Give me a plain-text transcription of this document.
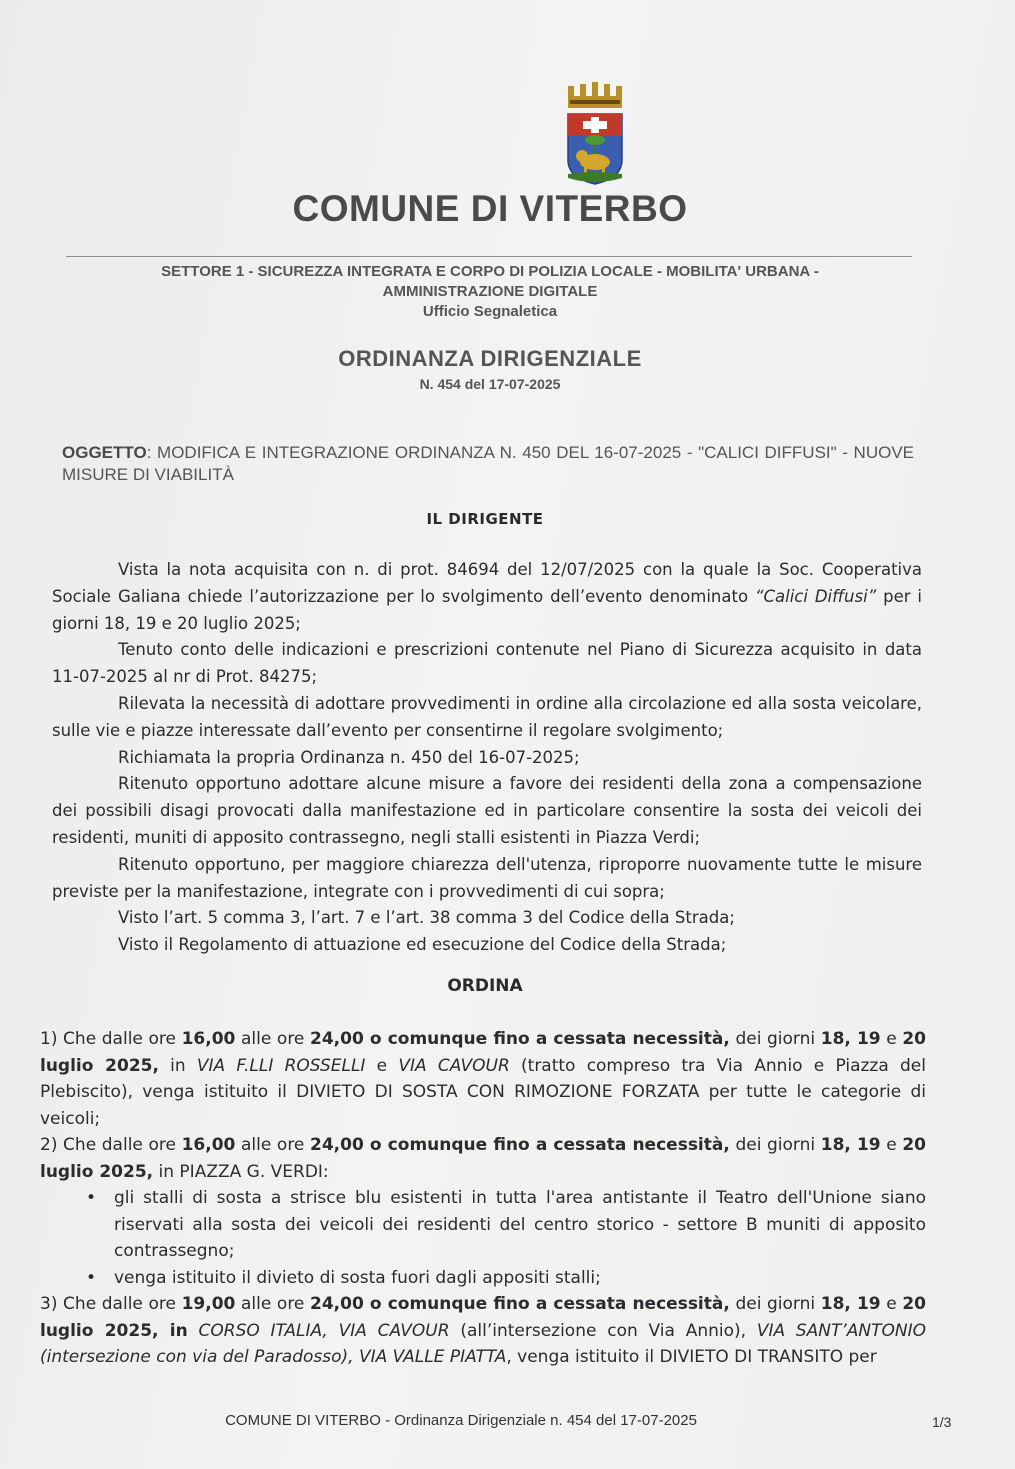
COMUNE DI VITERBO
SETTORE 1 - SICUREZZA INTEGRATA E CORPO DI POLIZIA LOCALE - MOBILITA' URBANA -
AMMINISTRAZIONE DIGITALE
Ufficio Segnaletica
ORDINANZA DIRIGENZIALE
N. 454 del 17-07-2025
OGGETTO: MODIFICA E INTEGRAZIONE ORDINANZA N. 450 DEL 16-07-2025 - "CALICI DIFFUSI" - NUOVE MISURE DI VIABILITÀ
IL DIRIGENTE

Vista la nota acquisita con n. di prot. 84694 del 12/07/2025 con la quale la Soc. Cooperativa Sociale Galiana chiede l’autorizzazione per lo svolgimento dell’evento denominato “Calici Diffusi” per i giorni 18, 19 e 20 luglio 2025;

Tenuto conto delle indicazioni e prescrizioni contenute nel Piano di Sicurezza acquisito in data 11-07-2025 al nr di Prot. 84275;

Rilevata la necessità di adottare provvedimenti in ordine alla circolazione ed alla sosta veicolare, sulle vie e piazze interessate dall’evento per consentirne il regolare svolgimento;

Richiamata la propria Ordinanza n. 450 del 16-07-2025;

Ritenuto opportuno adottare alcune misure a favore dei residenti della zona a compensazione dei possibili disagi provocati dalla manifestazione ed in particolare consentire la sosta dei veicoli dei residenti, muniti di apposito contrassegno, negli stalli esistenti in Piazza Verdi;

Ritenuto opportuno, per maggiore chiarezza dell'utenza, riproporre nuovamente tutte le misure previste per la manifestazione, integrate con i provvedimenti di cui sopra;

Visto l’art. 5 comma 3, l’art. 7 e l’art. 38 comma 3 del Codice della Strada;

Visto il Regolamento di attuazione ed esecuzione del Codice della Strada;

ORDINA

1) Che dalle ore 16,00 alle ore 24,00 o comunque fino a cessata necessità, dei giorni 18, 19 e 20 luglio 2025, in VIA F.LLI ROSSELLI e VIA CAVOUR (tratto compreso tra Via Annio e Piazza del Plebiscito), venga istituito il DIVIETO DI SOSTA CON RIMOZIONE FORZATA per tutte le categorie di veicoli;

2) Che dalle ore 16,00 alle ore 24,00 o comunque fino a cessata necessità, dei giorni 18, 19 e 20 luglio 2025, in PIAZZA G. VERDI:

• gli stalli di sosta a strisce blu esistenti in tutta l'area antistante il Teatro dell'Unione siano riservati alla sosta dei veicoli dei residenti del centro storico - settore B muniti di apposito contrassegno;

• venga istituito il divieto di sosta fuori dagli appositi stalli;

3) Che dalle ore 19,00 alle ore 24,00 o comunque fino a cessata necessità, dei giorni 18, 19 e 20 luglio 2025, in CORSO ITALIA, VIA CAVOUR (all’intersezione con Via Annio), VIA SANT’ANTONIO (intersezione con via del Paradosso), VIA VALLE PIATTA, venga istituito il DIVIETO DI TRANSITO per

COMUNE DI VITERBO - Ordinanza Dirigenziale n. 454 del 17-07-2025	1/3
